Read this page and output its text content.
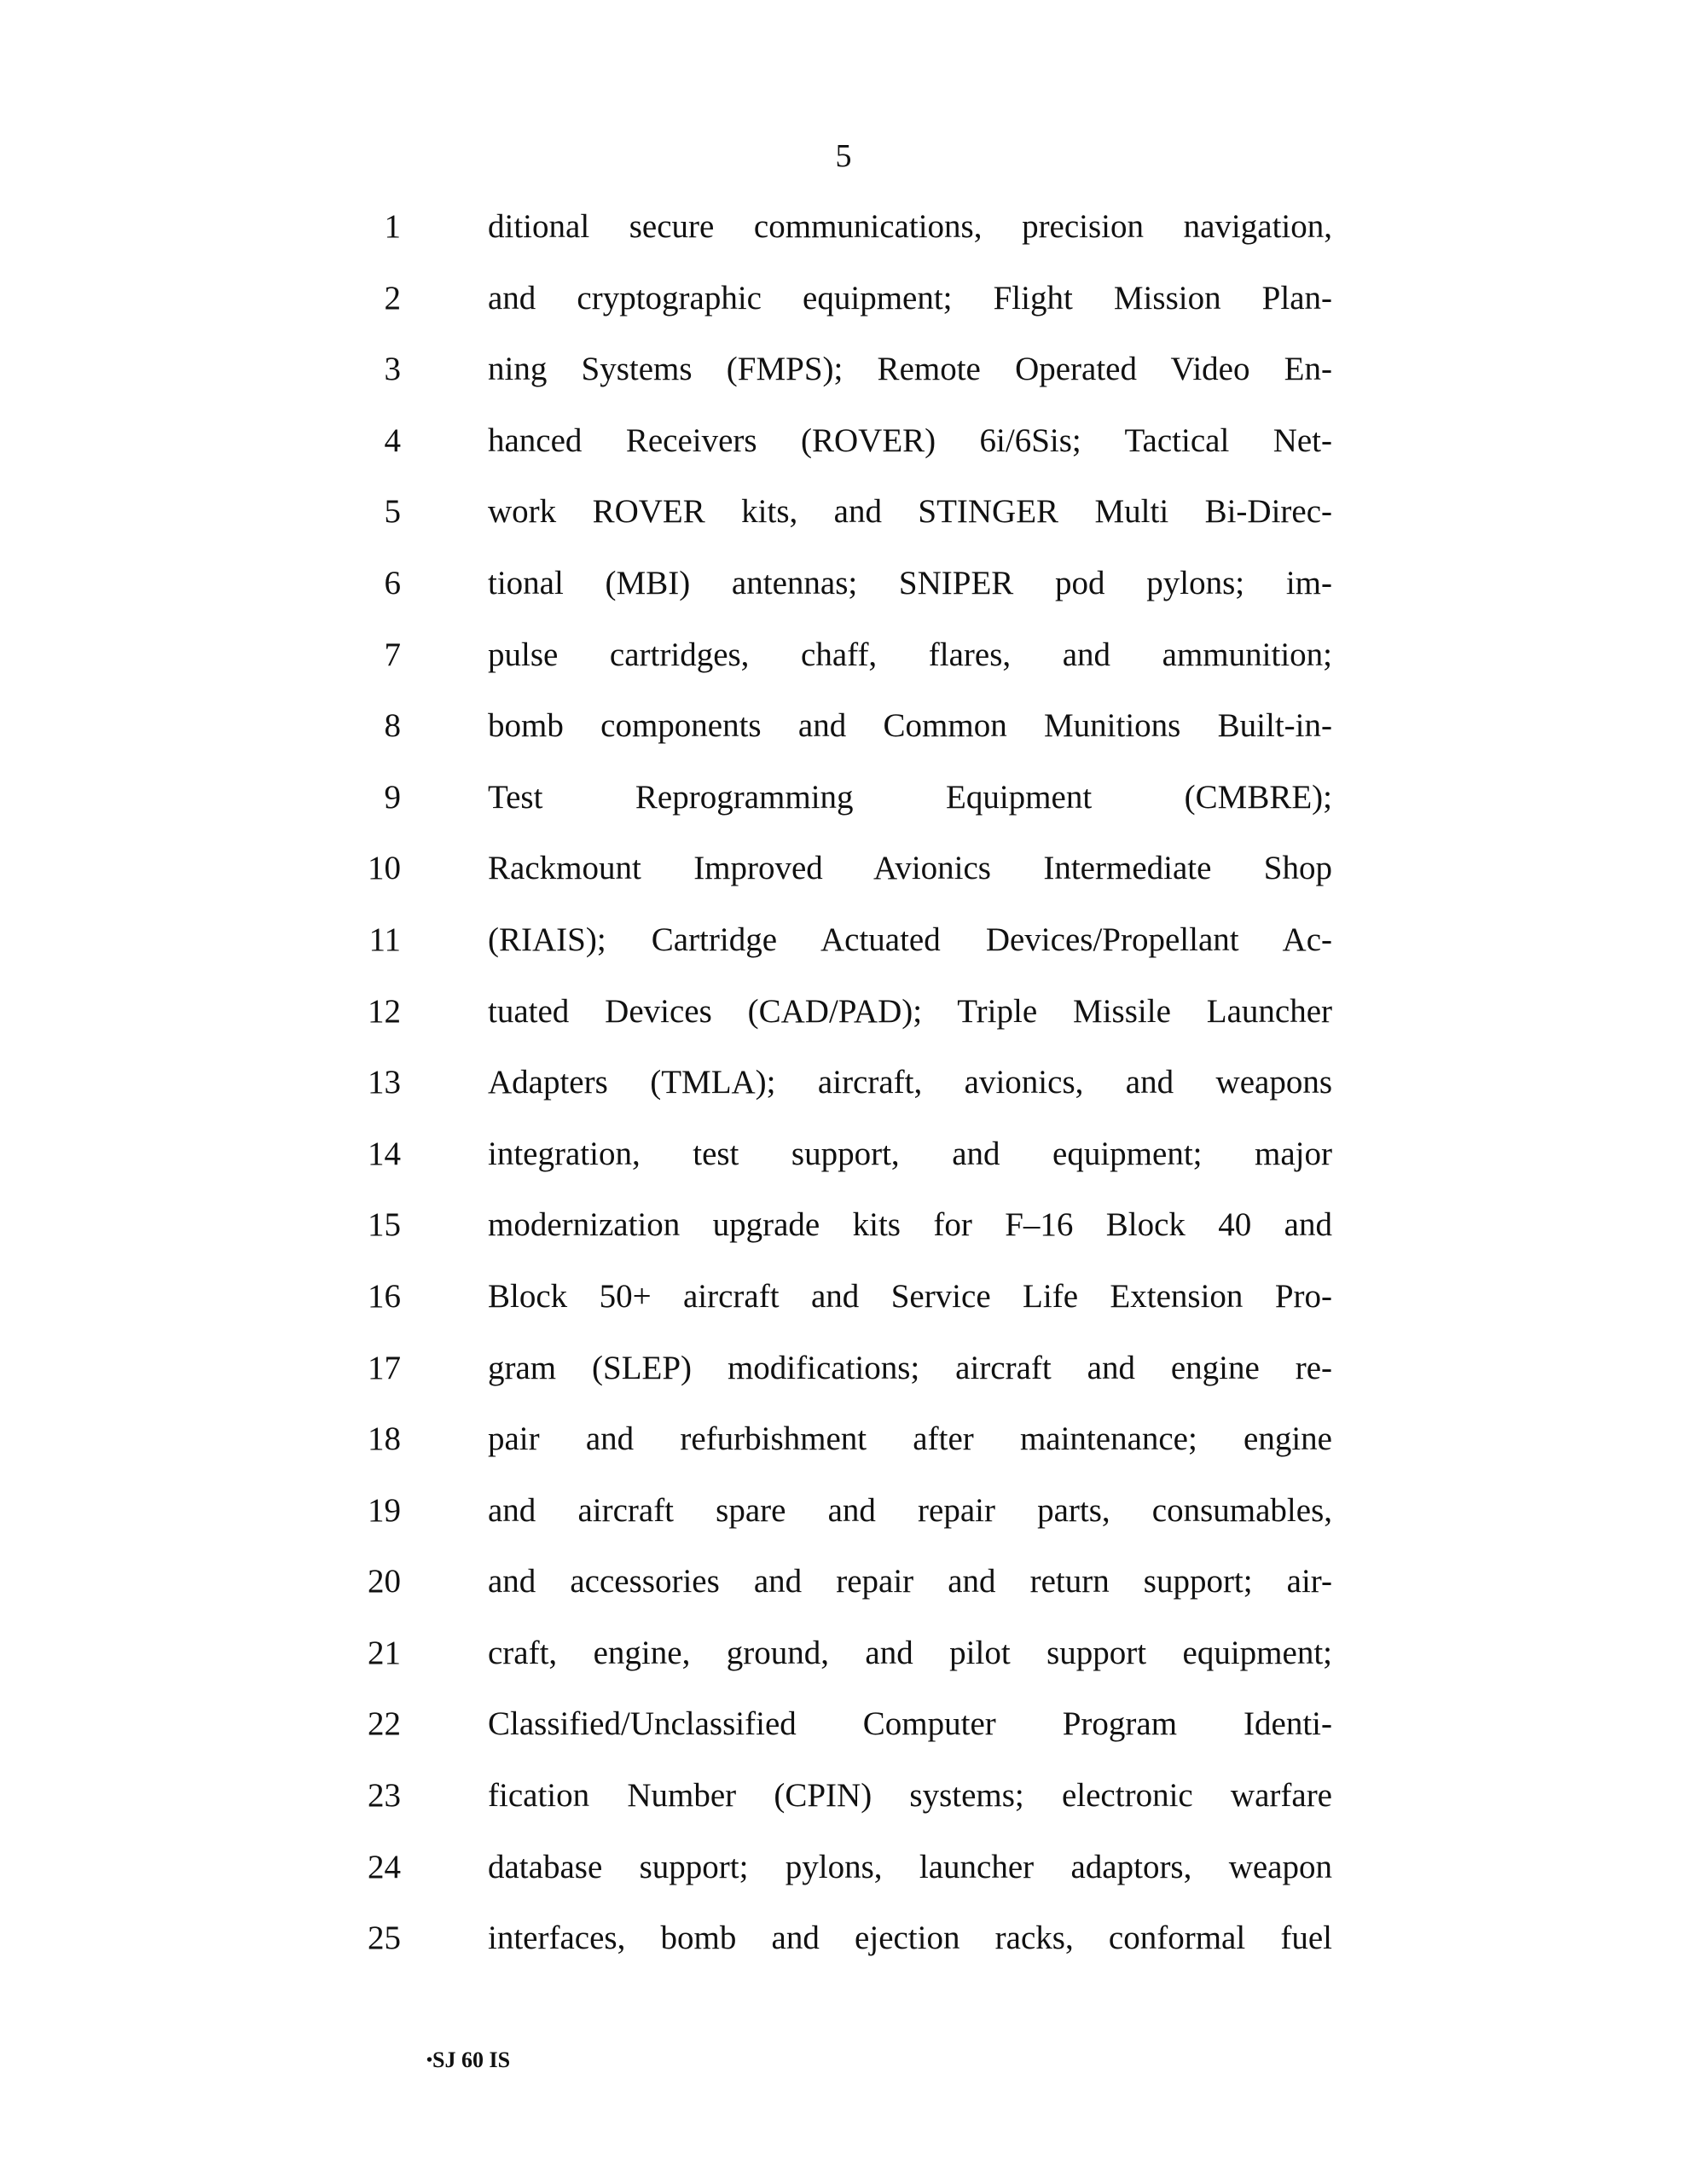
5
1	ditional secure communications, precision navigation,
2	and cryptographic equipment; Flight Mission Plan-
3	ning Systems (FMPS); Remote Operated Video En-
4	hanced Receivers (ROVER) 6i/6Sis; Tactical Net-
5	work ROVER kits, and STINGER Multi Bi-Direc-
6	tional (MBI) antennas; SNIPER pod pylons; im-
7	pulse cartridges, chaff, flares, and ammunition;
8	bomb components and Common Munitions Built-in-
9	Test Reprogramming Equipment (CMBRE);
10	Rackmount Improved Avionics Intermediate Shop
11	(RIAIS); Cartridge Actuated Devices/Propellant Ac-
12	tuated Devices (CAD/PAD); Triple Missile Launcher
13	Adapters (TMLA); aircraft, avionics, and weapons
14	integration, test support, and equipment; major
15	modernization upgrade kits for F–16 Block 40 and
16	Block 50+ aircraft and Service Life Extension Pro-
17	gram (SLEP) modifications; aircraft and engine re-
18	pair and refurbishment after maintenance; engine
19	and aircraft spare and repair parts, consumables,
20	and accessories and repair and return support; air-
21	craft, engine, ground, and pilot support equipment;
22	Classified/Unclassified Computer Program Identi-
23	fication Number (CPIN) systems; electronic warfare
24	database support; pylons, launcher adaptors, weapon
25	interfaces, bomb and ejection racks, conformal fuel
•SJ 60 IS
